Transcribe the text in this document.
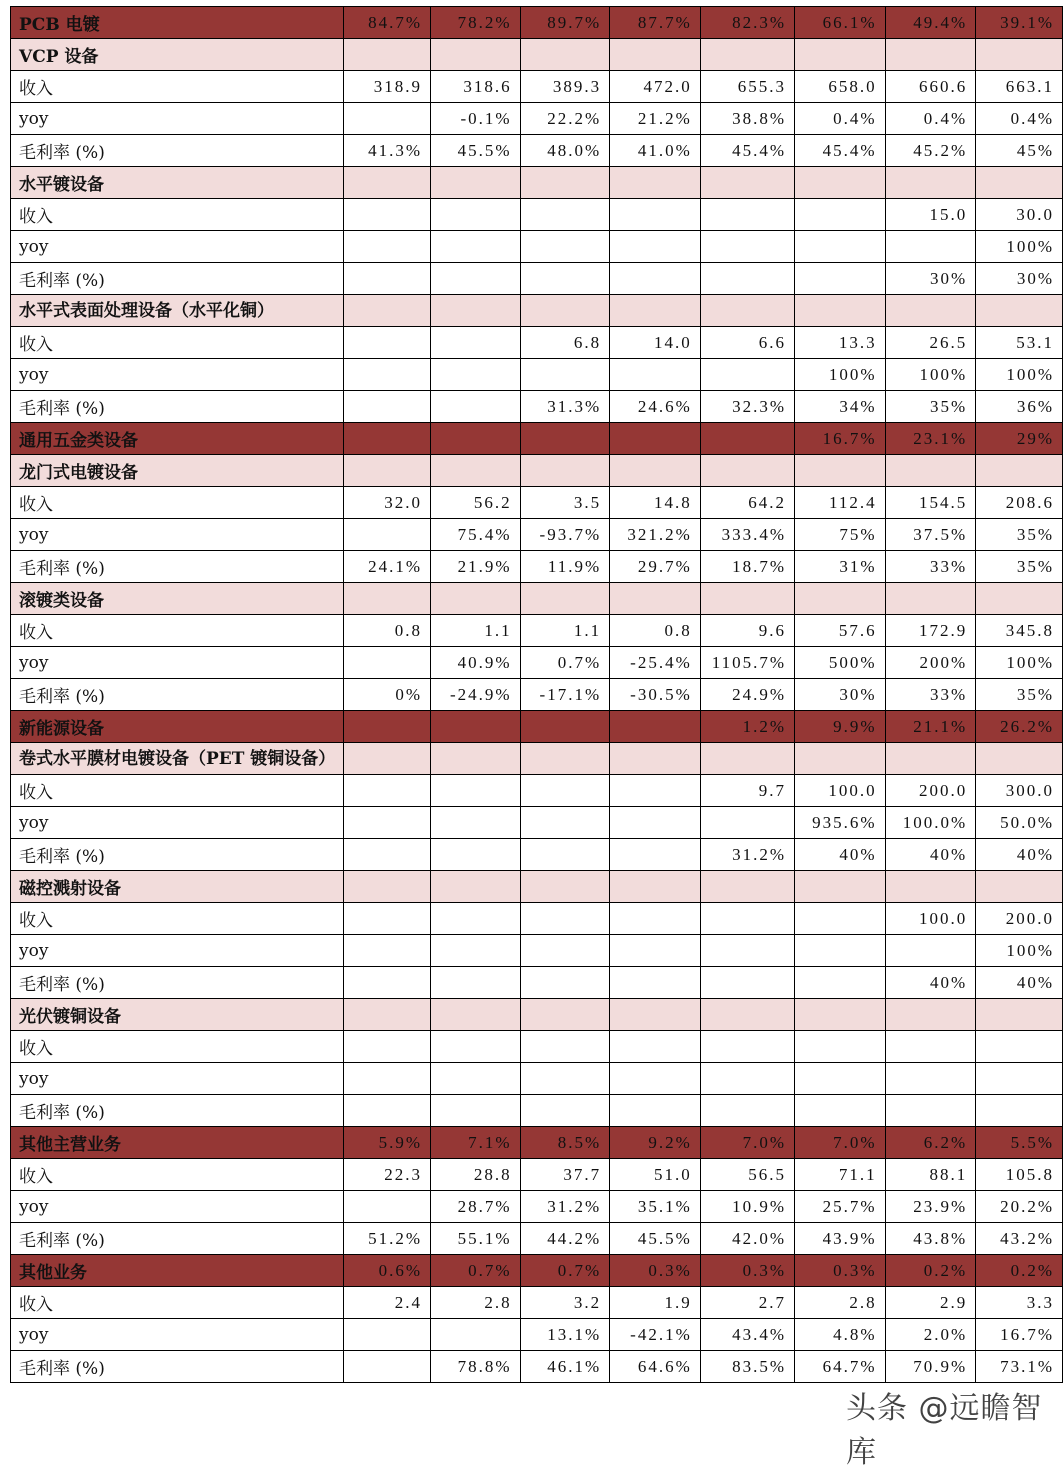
PCB 电镀	84.7%	78.2%	89.7%	87.7%	82.3%	66.1%	49.4%	39.1%
VCP 设备								
收入	318.9	318.6	389.3	472.0	655.3	658.0	660.6	663.1
yoy		-0.1%	22.2%	21.2%	38.8%	0.4%	0.4%	0.4%
毛利率 (%)	41.3%	45.5%	48.0%	41.0%	45.4%	45.4%	45.2%	45%
水平镀设备								
收入							15.0	30.0
yoy								100%
毛利率 (%)							30%	30%
水平式表面处理设备（水平化铜）								
收入			6.8	14.0	6.6	13.3	26.5	53.1
yoy						100%	100%	100%
毛利率 (%)			31.3%	24.6%	32.3%	34%	35%	36%
通用五金类设备						16.7%	23.1%	29%
龙门式电镀设备								
收入	32.0	56.2	3.5	14.8	64.2	112.4	154.5	208.6
yoy		75.4%	-93.7%	321.2%	333.4%	75%	37.5%	35%
毛利率 (%)	24.1%	21.9%	11.9%	29.7%	18.7%	31%	33%	35%
滚镀类设备								
收入	0.8	1.1	1.1	0.8	9.6	57.6	172.9	345.8
yoy		40.9%	0.7%	-25.4%	1105.7%	500%	200%	100%
毛利率 (%)	0%	-24.9%	-17.1%	-30.5%	24.9%	30%	33%	35%
新能源设备					1.2%	9.9%	21.1%	26.2%
卷式水平膜材电镀设备（PET 镀铜设备）								
收入					9.7	100.0	200.0	300.0
yoy						935.6%	100.0%	50.0%
毛利率 (%)					31.2%	40%	40%	40%
磁控溅射设备								
收入							100.0	200.0
yoy								100%
毛利率 (%)							40%	40%
光伏镀铜设备								
收入								
yoy								
毛利率 (%)								
其他主营业务	5.9%	7.1%	8.5%	9.2%	7.0%	7.0%	6.2%	5.5%
收入	22.3	28.8	37.7	51.0	56.5	71.1	88.1	105.8
yoy		28.7%	31.2%	35.1%	10.9%	25.7%	23.9%	20.2%
毛利率 (%)	51.2%	55.1%	44.2%	45.5%	42.0%	43.9%	43.8%	43.2%
其他业务	0.6%	0.7%	0.7%	0.3%	0.3%	0.3%	0.2%	0.2%
收入	2.4	2.8	3.2	1.9	2.7	2.8	2.9	3.3
yoy			13.1%	-42.1%	43.4%	4.8%	2.0%	16.7%
毛利率 (%)		78.8%	46.1%	64.6%	83.5%	64.7%	70.9%	73.1%
头条 @远瞻智库
